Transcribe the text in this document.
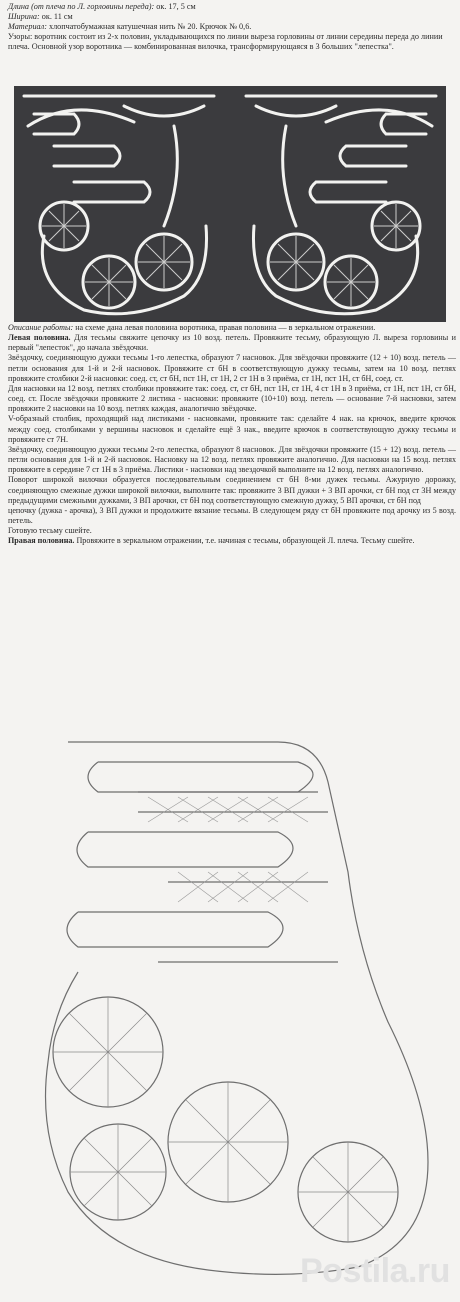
Длина (от плеча по Л. горловины переда): ок. 17, 5 см
Ширина: ок. 11 см
Материал: хлопчатобумажная катушечная нить № 20. Крючок № 0,6.
Узоры: воротник состоит из 2-х половин, укладывающихся по линии выреза горловины от линии середины переда до линии плеча. Основной узор воротника — комбинированная вилочка, трансформирующаяся в 3 больших "лепестка".

Описание работы: на схеме дана левая половина воротника, правая половина — в зеркальном отражении.

Левая половина. Для тесьмы свяжите цепочку из 10 возд. петель. Провяжите тесьму, образующую Л. выреза горловины и первый "лепесток", до начала звёздочки.

Звёздочку, соединяющую дужки тесьмы 1-го лепестка, образуют 7 насновок. Для звёздочки провяжите (12 + 10) возд. петель — петли основания для 1-й и 2-й насновок. Провяжите ст бН в соответствующую дужку тесьмы, затем на 10 возд. петлях провяжите столбики 2-й насновки: соед. ст, ст бН, пст 1Н, ст 1Н, 2 ст 1Н в 3 приёма, ст 1Н, пст 1Н, ст бН, соед. ст.

Для насновки на 12 возд. петлях столбики провяжите так: соед. ст, ст бН, пст 1Н, ст 1Н, 4 ст 1Н в 3 приёма, ст 1Н, пст 1Н, ст бН, соед. ст. После звёздочки провяжите 2 листика - насновки: провяжите (10+10) возд. петель — основание 7-й насновки, затем провяжите 2 насновки на 10 возд. петлях каждая, аналогично звёздочке.

V-образный столбик, проходящий над листиками - насновками, провяжите так: сделайте 4 нак. на крючок, введите крючок между соед. столбиками у вершины насновок и сделайте ещё 3 нак., введите крючок в соответствующую дужку тесьмы и провяжите ст 7Н.

Звёздочку, соединяющую дужки тесьмы 2-го лепестка, образуют 8 насновок. Для звёздочки провяжите (15 + 12) возд. петель — петли основания для 1-й и 2-й насновок. Насновку на 12 возд. петлях провяжите аналогично. Для насновки на 15 возд. петлях провяжите в середине 7 ст 1Н в 3 приёма. Листики - насновки над звездочкой выполните на 12 возд. петлях аналогично.

Поворот широкой вилочки образуется последовательным соединением ст бН 8-ми дужек тесьмы. Ажурную дорожку, соединяющую смежные дужки широкой вилочки, выполните так: провяжите 3 ВП дужки + 3 ВП арочки, ст бН под ст 3Н между предыдущими смежными дужками, 3 ВП арочки, ст бН под соответствующую смежную дужку, 5 ВП арочки, ст бН под

цепочку (дужка - арочка), 3 ВП дужки и продолжите вязание тесьмы. В следующем ряду ст бН провяжите под арочку из 5 возд. петель.

Готовую тесьму сшейте.

Правая половина. Провяжите в зеркальном отражении, т.е. начиная с тесьмы, образующей Л. плеча. Тесьму сшейте.

Postila.ru
